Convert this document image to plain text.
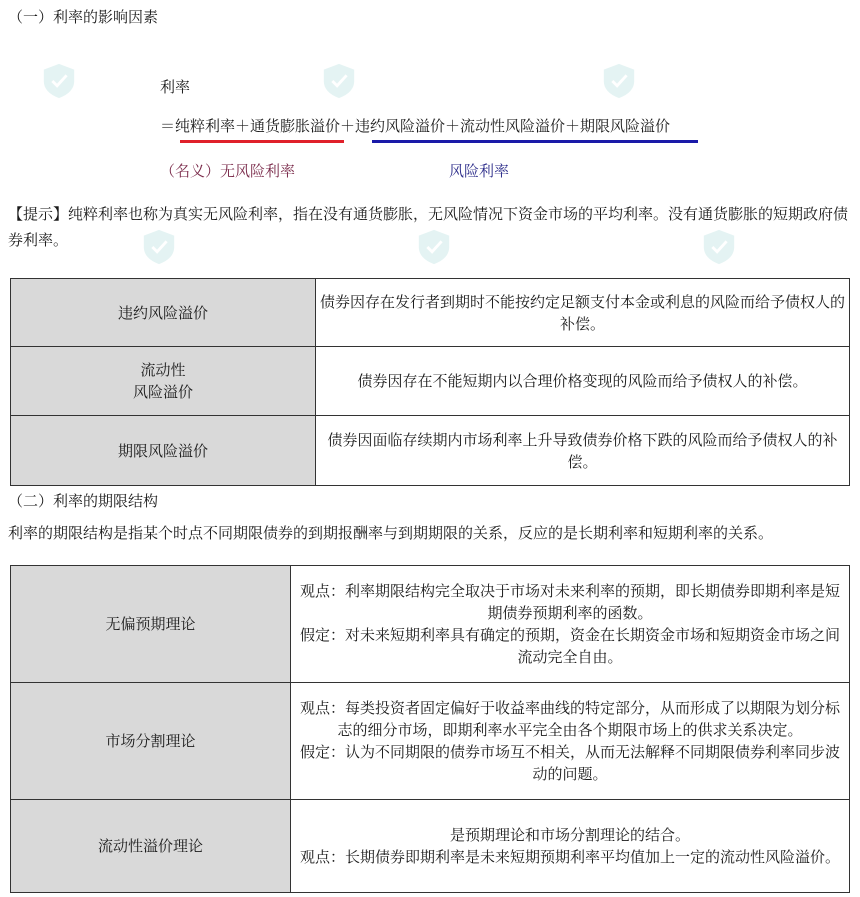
（一）利率的影响因素
利率
＝纯粹利率＋通货膨胀溢价＋违约风险溢价＋流动性风险溢价＋期限风险溢价
（名义）无风险利率	风险利率
【提示】纯粹利率也称为真实无风险利率，指在没有通货膨胀，无风险情况下资金市场的平均利率。没有通货膨胀的短期政府债券利率。
违约风险溢价	债券因存在发行者到期时不能按约定足额支付本金或利息的风险而给予债权人的补偿。

流动性
风险溢价	债券因存在不能短期内以合理价格变现的风险而给予债权人的补偿。
期限风险溢价	债券因面临存续期内市场利率上升导致债券价格下跌的风险而给予债权人的补偿。
（二）利率的期限结构
利率的期限结构是指某个时点不同期限债券的到期报酬率与到期期限的关系，反应的是长期利率和短期利率的关系。
无偏预期理论	观点：利率期限结构完全取决于市场对未来利率的预期，即长期债券即期利率是短期债券预期利率的函数。

假定：对未来短期利率具有确定的预期，资金在长期资金市场和短期资金市场之间流动完全自由。

市场分割理论	观点：每类投资者固定偏好于收益率曲线的特定部分，从而形成了以期限为划分标志的细分市场，即期利率水平完全由各个期限市场上的供求关系决定。

假定：认为不同期限的债券市场互不相关，从而无法解释不同期限债券利率同步波动的问题。

流动性溢价理论	是预期理论和市场分割理论的结合。

观点：长期债券即期利率是未来短期预期利率平均值加上一定的流动性风险溢价。
